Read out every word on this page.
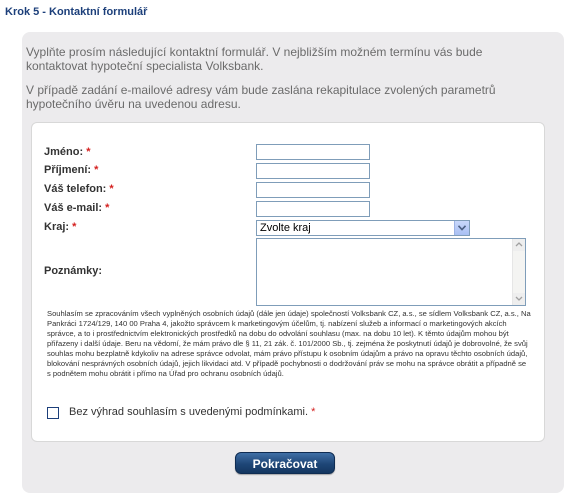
Krok 5 - Kontaktní formulář

Vyplňte prosím následující kontaktní formulář. V nejbližším možném termínu vás bude kontaktovat hypoteční specialista Volksbank.

V případě zadání e-mailové adresy vám bude zaslána rekapitulace zvolených parametrů hypotečního úvěru na uvedenou adresu.

Jméno: *
Příjmení: *
Váš telefon: *
Váš e-mail: *
Kraj: *	Zvolte kraj
Poznámky:

Souhlasím se zpracováním všech vyplněných osobních údajů (dále jen údaje) společností Volksbank CZ, a.s., se sídlem Volksbank CZ, a.s., Na Pankráci 1724/129, 140 00 Praha 4, jakožto správcem k marketingovým účelům, tj. nabízení služeb a informací o marketingových akcích správce, a to i prostřednictvím elektronických prostředků na dobu do odvolání souhlasu (max. na dobu 10 let). K těmto údajům mohou být přiřazeny i další údaje. Beru na vědomí, že mám právo dle § 11, 21 zák. č. 101/2000 Sb., tj. zejména že poskytnutí údajů je dobrovolné, že svůj souhlas mohu bezplatně kdykoliv na adrese správce odvolat, mám právo přístupu k osobním údajům a právo na opravu těchto osobních údajů, blokování nesprávných osobních údajů, jejich likvidaci atd. V případě pochybnosti o dodržování práv se mohu na správce obrátit a případně se s podnětem mohu obrátit i přímo na Úřad pro ochranu osobních údajů.

Bez výhrad souhlasím s uvedenými podmínkami. *
Pokračovat
